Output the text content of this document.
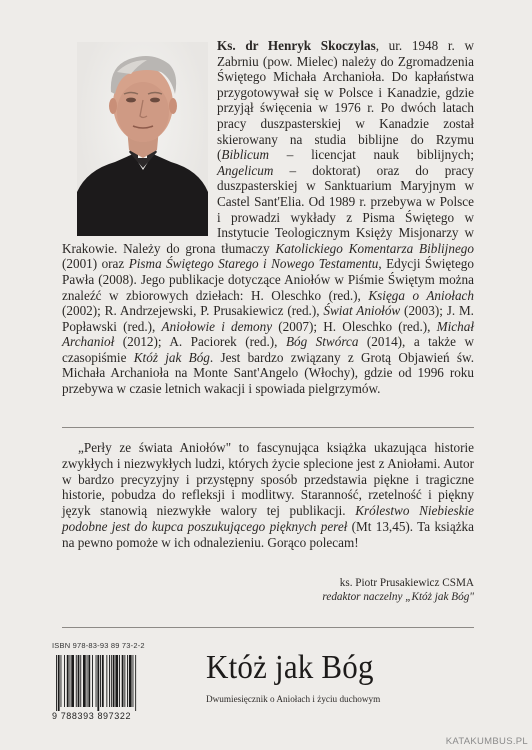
Ks. dr Henryk Skoczylas, ur. 1948 r. w Zabrniu (pow. Mielec) należy do Zgromadzenia Świętego Michała Archanioła. Do kapłaństwa przygotowywał się w Polsce i Kanadzie, gdzie przyjął święcenia w 1976 r. Po dwóch latach pracy duszpasterskiej w Kanadzie został skierowany na studia biblijne do Rzymu (Biblicum – licencjat nauk biblijnych; Angelicum – doktorat) oraz do pracy duszpasterskiej w Sanktuarium Maryjnym w Castel Sant'Elia. Od 1989 r. przebywa w Polsce i prowadzi wykłady z Pisma Świętego w Instytucie Teologicznym Księży Misjonarzy w Krakowie. Należy do grona tłumaczy Katolickiego Komentarza Biblijnego (2001) oraz Pisma Świętego Starego i Nowego Testamentu, Edycji Świętego Pawła (2008). Jego publikacje dotyczące Aniołów w Piśmie Świętym można znaleźć w zbiorowych dziełach: H. Oleschko (red.), Księga o Aniołach (2002); R. Andrzejewski, P. Prusakiewicz (red.), Świat Aniołów (2003); J. M. Popławski (red.), Aniołowie i demony (2007); H. Oleschko (red.), Michał Archanioł (2012); A. Paciorek (red.), Bóg Stwórca (2014), a także w czasopiśmie Któż jak Bóg. Jest bardzo związany z Grotą Objawień św. Michała Archanioła na Monte Sant'Angelo (Włochy), gdzie od 1996 roku przebywa w czasie letnich wakacji i spowiada pielgrzymów.

„Perły ze świata Aniołów" to fascynująca książka ukazująca historie zwykłych i niezwykłych ludzi, których życie splecione jest z Aniołami. Autor w bardzo precyzyjny i przystępny sposób przedstawia piękne i tragiczne historie, pobudza do refleksji i modlitwy. Staranność, rzetelność i piękny język stanowią niezwykłe walory tej publikacji. Królestwo Niebieskie podobne jest do kupca poszukującego pięknych pereł (Mt 13,45). Ta książka na pewno pomoże w ich odnalezieniu. Gorąco polecam!

ks. Piotr Prusakiewicz CSMA
redaktor naczelny „Któż jak Bóg"
ISBN 978-83-93 89 73-2-2
9 788393 897322
Któż jak Bóg
Dwumiesięcznik o Aniołach i życiu duchowym
KATAKUMBUS.PL
